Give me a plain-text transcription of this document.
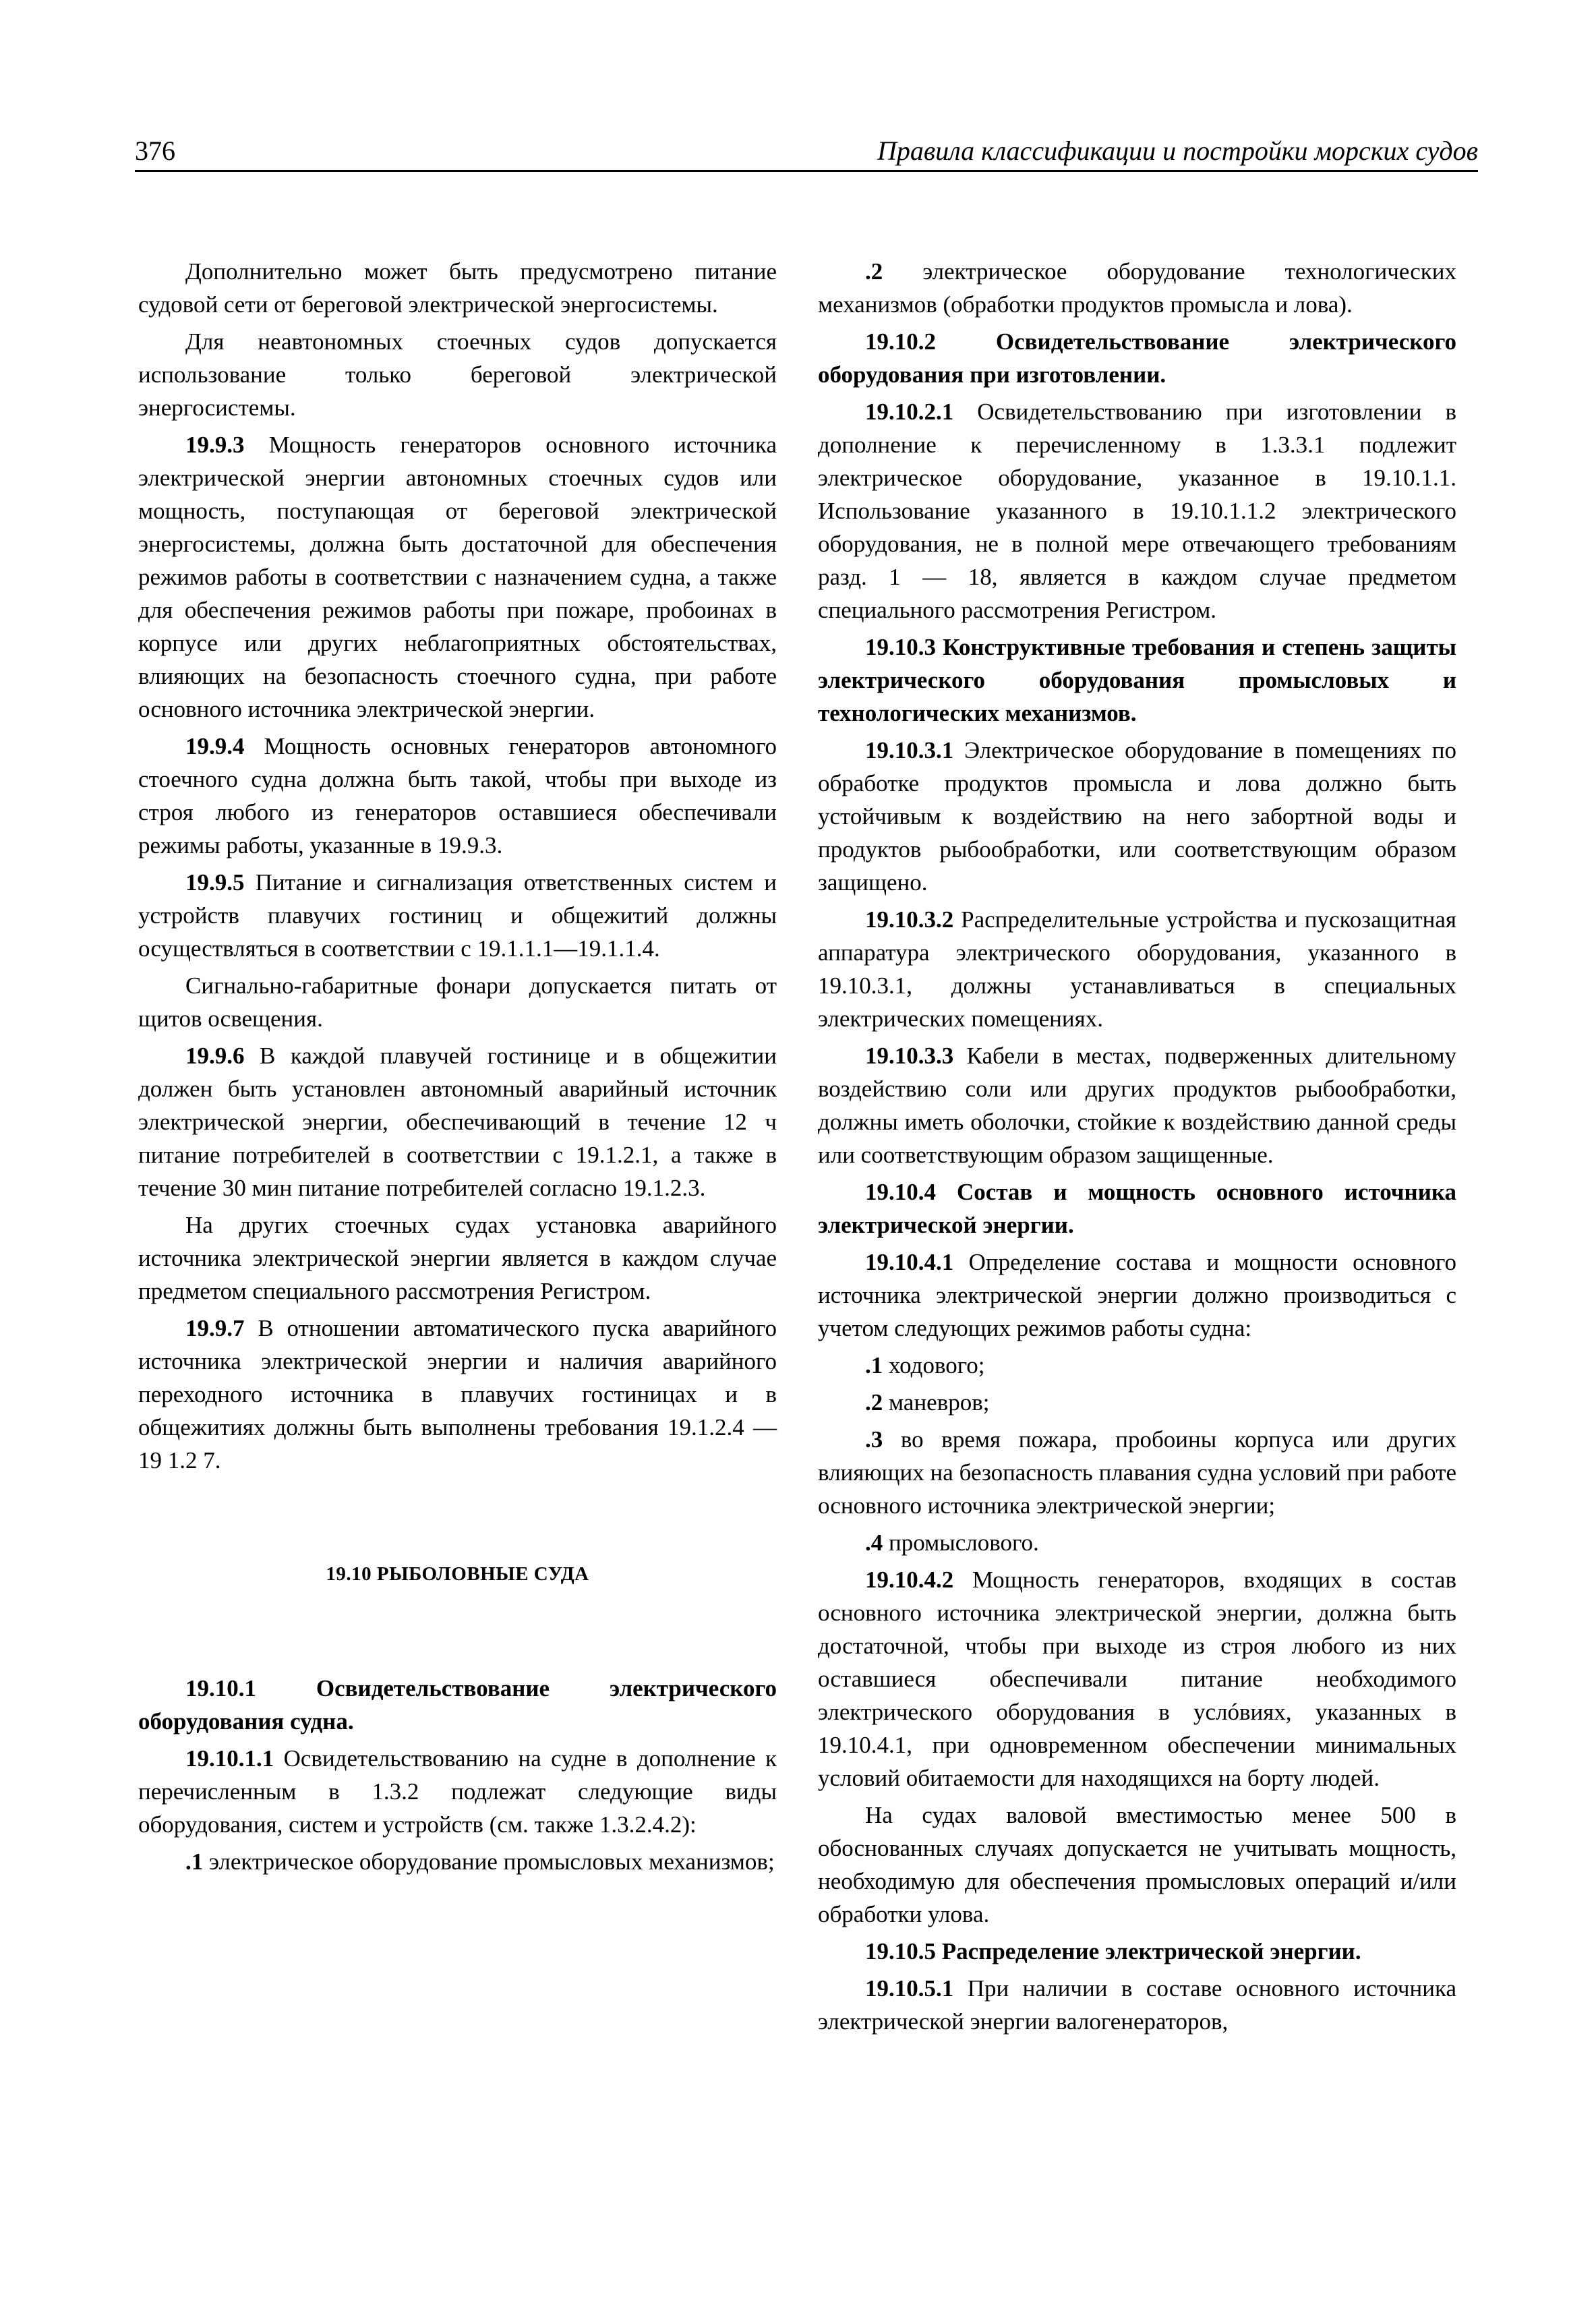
376	Правила классификации и постройки морских судов

Дополнительно может быть предусмотрено питание судовой сети от береговой электрической энергосистемы.

Для неавтономных стоечных судов допускается использование только береговой электрической энергосистемы.

19.9.3 Мощность генераторов основного источника электрической энергии автономных стоечных судов или мощность, поступающая от береговой электрической энергосистемы, должна быть достаточной для обеспечения режимов работы в соответствии с назначением судна, а также для обеспечения режимов работы при пожаре, пробоинах в корпусе или других неблагоприятных обстоятельствах, влияющих на безопасность стоечного судна, при работе основного источника электрической энергии.

19.9.4 Мощность основных генераторов автономного стоечного судна должна быть такой, чтобы при выходе из строя любого из генераторов оставшиеся обеспечивали режимы работы, указанные в 19.9.3.

19.9.5 Питание и сигнализация ответственных систем и устройств плавучих гостиниц и общежитий должны осуществляться в соответствии с 19.1.1.1—19.1.1.4.

Сигнально-габаритные фонари допускается питать от щитов освещения.

19.9.6 В каждой плавучей гостинице и в общежитии должен быть установлен автономный аварийный источник электрической энергии, обеспечивающий в течение 12 ч питание потребителей в соответствии с 19.1.2.1, а также в течение 30 мин питание потребителей согласно 19.1.2.3.

На других стоечных судах установка аварийного источника электрической энергии является в каждом случае предметом специального рассмотрения Регистром.

19.9.7 В отношении автоматического пуска аварийного источника электрической энергии и наличия аварийного переходного источника в плавучих гостиницах и в общежитиях должны быть выполнены требования 19.1.2.4 — 19 1.2 7.

19.10 РЫБОЛОВНЫЕ СУДА

19.10.1 Освидетельствование электрического оборудования судна.

19.10.1.1 Освидетельствованию на судне в дополнение к перечисленным в 1.3.2 подлежат следующие виды оборудования, систем и устройств (см. также 1.3.2.4.2):

.1 электрическое оборудование промысловых механизмов;

.2 электрическое оборудование технологических механизмов (обработки продуктов промысла и лова).

19.10.2 Освидетельствование электрического оборудования при изготовлении.

19.10.2.1 Освидетельствованию при изготовлении в дополнение к перечисленному в 1.3.3.1 подлежит электрическое оборудование, указанное в 19.10.1.1. Использование указанного в 19.10.1.1.2 электрического оборудования, не в полной мере отвечающего требованиям разд. 1 — 18, является в каждом случае предметом специального рассмотрения Регистром.

19.10.3 Конструктивные требования и степень защиты электрического оборудования промысловых и технологических механизмов.

19.10.3.1 Электрическое оборудование в помещениях по обработке продуктов промысла и лова должно быть устойчивым к воздействию на него забортной воды и продуктов рыбообработки, или соответствующим образом защищено.

19.10.3.2 Распределительные устройства и пускозащитная аппаратура электрического оборудования, указанного в 19.10.3.1, должны устанавливаться в специальных электрических помещениях.

19.10.3.3 Кабели в местах, подверженных длительному воздействию соли или других продуктов рыбообработки, должны иметь оболочки, стойкие к воздействию данной среды или соответствующим образом защищенные.

19.10.4 Состав и мощность основного источника электрической энергии.

19.10.4.1 Определение состава и мощности основного источника электрической энергии должно производиться с учетом следующих режимов работы судна:

.1 ходового;

.2 маневров;

.3 во время пожара, пробоины корпуса или других влияющих на безопасность плавания судна условий при работе основного источника электрической энергии;

.4 промыслового.

19.10.4.2 Мощность генераторов, входящих в состав основного источника электрической энергии, должна быть достаточной, чтобы при выходе из строя любого из них оставшиеся обеспечивали питание необходимого электрического оборудования в услóвиях, указанных в 19.10.4.1, при одновременном обеспечении минимальных условий обитаемости для находящихся на борту людей.

На судах валовой вместимостью менее 500 в обоснованных случаях допускается не учитывать мощность, необходимую для обеспечения промысловых операций и/или обработки улова.

19.10.5 Распределение электрической энергии.

19.10.5.1 При наличии в составе основного источника электрической энергии валогенераторов,
